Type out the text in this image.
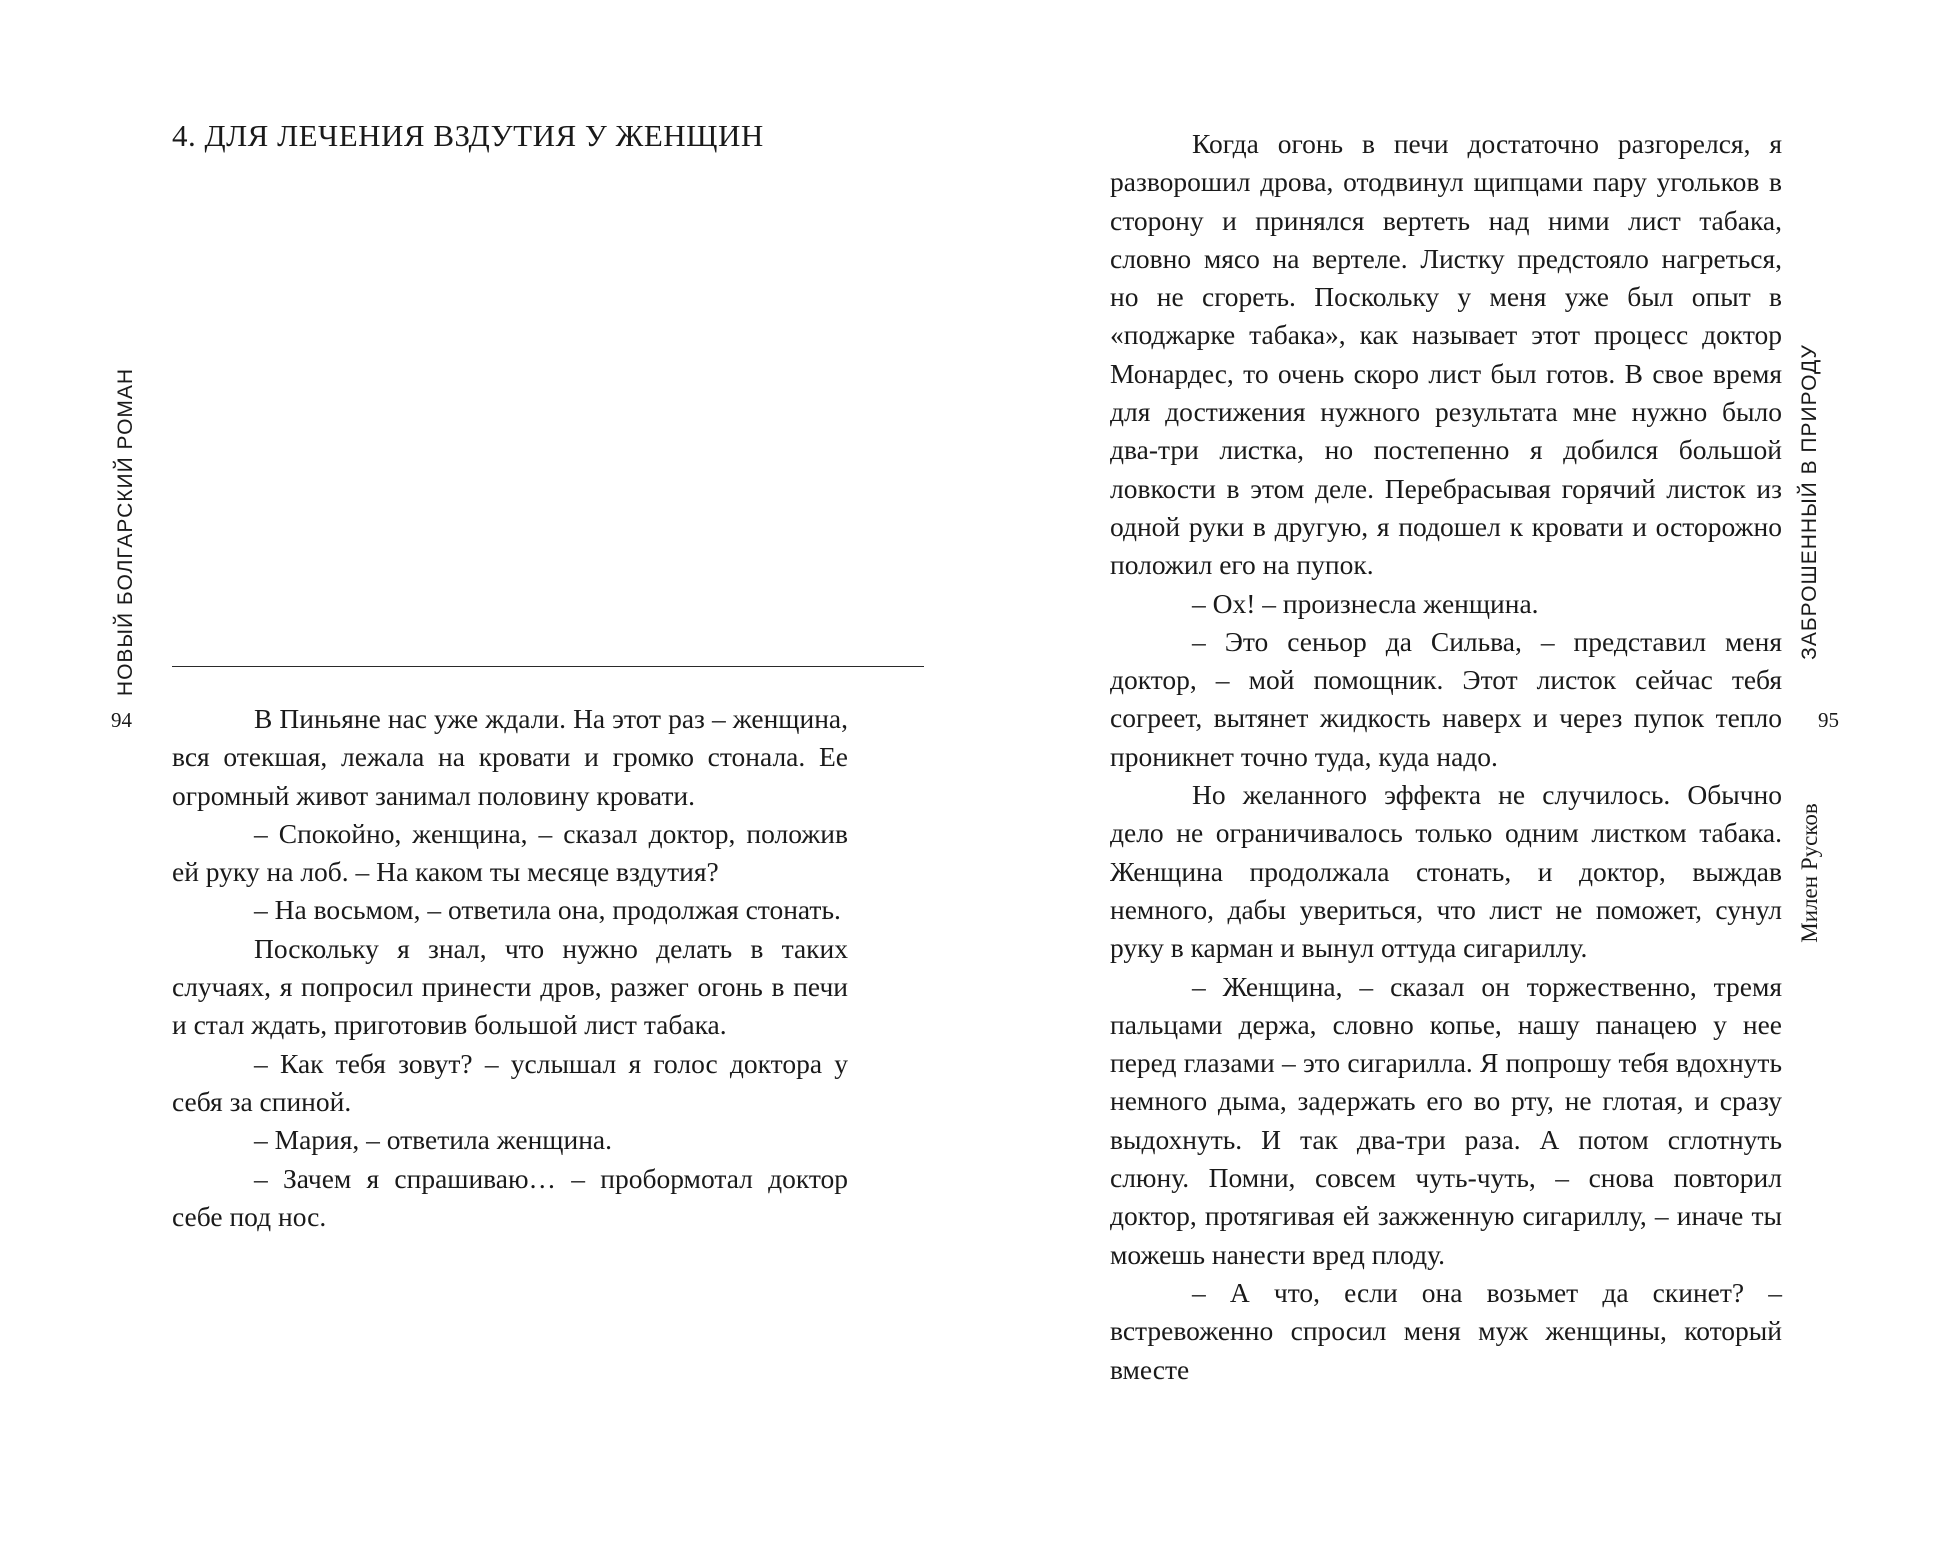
НОВЫЙ БОЛГАРСКИЙ РОМАН
4. ДЛЯ ЛЕЧЕНИЯ ВЗДУТИЯ У ЖЕНЩИН
94	В Пиньяне нас уже ждали. На этот раз – женщина, вся отекшая, лежала на кровати и громко стонала. Ее огромный живот занимал половину кровати.

– Спокойно, женщина, – сказал доктор, положив ей руку на лоб. – На каком ты месяце вздутия?

– На восьмом, – ответила она, продолжая стонать.

Поскольку я знал, что нужно делать в таких случаях, я попросил принести дров, разжег огонь в печи и стал ждать, приготовив большой лист табака.

– Как тебя зовут? – услышал я голос доктора у себя за спиной.

– Мария, – ответила женщина.

– Зачем я спрашиваю… – пробормотал доктор себе под нос.

Когда огонь в печи достаточно разгорелся, я разворошил дрова, отодвинул щипцами пару угольков в сторону и принялся вертеть над ними лист табака, словно мясо на вертеле. Листку предстояло нагреться, но не сгореть. Поскольку у меня уже был опыт в «поджарке табака», как называет этот процесс доктор Монардес, то очень скоро лист был готов. В свое время для достижения нужного результата мне нужно было два-три листка, но постепенно я добился большой ловкости в этом деле. Перебрасывая горячий листок из одной руки в другую, я подошел к кровати и осторожно положил его на пупок.

– Ох! – произнесла женщина.

– Это сеньор да Сильва, – представил меня доктор, – мой помощник. Этот листок сейчас тебя согреет, вытянет жидкость наверх и через пупок тепло проникнет точно туда, куда надо.

Но желанного эффекта не случилось. Обычно дело не ограничивалось только одним листком табака. Женщина продолжала стонать, и доктор, выждав немного, дабы увериться, что лист не поможет, сунул руку в карман и вынул оттуда сигариллу.

– Женщина, – сказал он торжественно, тремя пальцами держа, словно копье, нашу панацею у нее перед глазами – это сигарилла. Я попрошу тебя вдохнуть немного дыма, задержать его во рту, не глотая, и сразу выдохнуть. И так два-три раза. А потом сглотнуть слюну. Помни, совсем чуть-чуть, – снова повторил доктор, протягивая ей зажженную сигариллу, – иначе ты можешь нанести вред плоду.

– А что, если она возьмет да скинет? – встревоженно спросил меня муж женщины, который вместе

ЗАБРОШЕННЫЙ В ПРИРОДУ
95
Милен Русков
